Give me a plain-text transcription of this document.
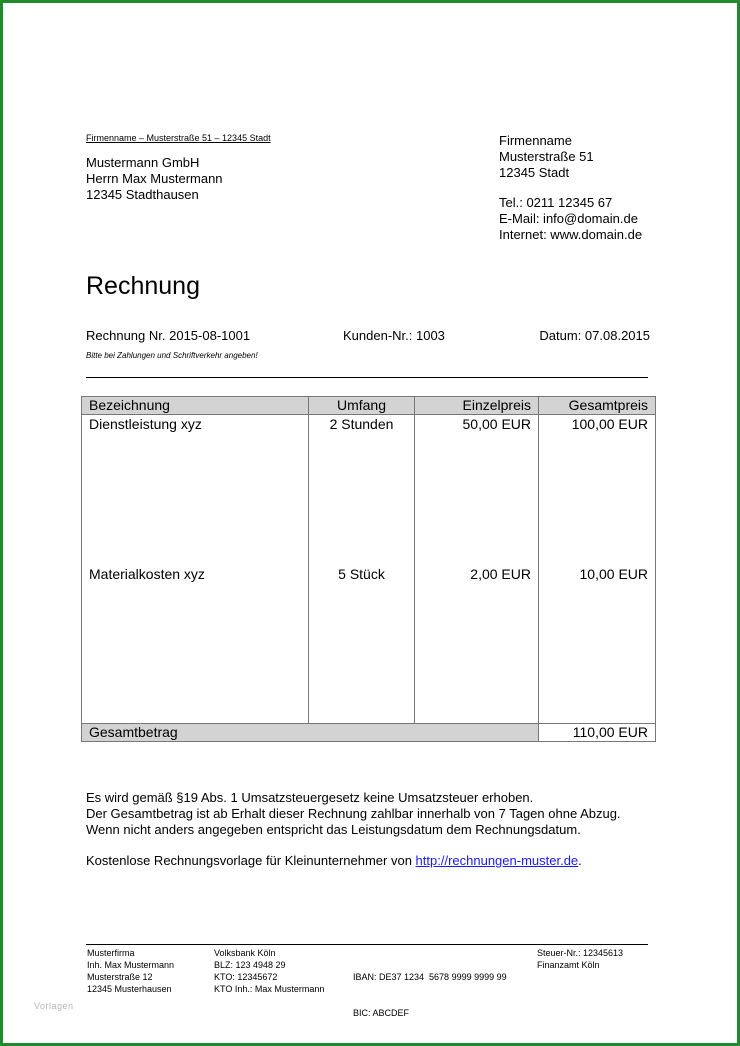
Firmenname – Musterstraße 51 – 12345 Stadt
Mustermann GmbH
Herrn Max Mustermann
12345 Stadthausen
Firmenname
Musterstraße 51
12345 Stadt
Tel.: 0211 12345 67
E-Mail: info@domain.de
Internet: www.domain.de
Rechnung
Rechnung Nr. 2015-08-1001	Kunden-Nr.: 1003	Datum: 07.08.2015
Bitte bei Zahlungen und Schriftverkehr angeben!
Bezeichnung	Umfang	Einzelpreis	Gesamtpreis
Dienstleistung xyz	2 Stunden	50,00 EUR	100,00 EUR
Materialkosten xyz	5 Stück	2,00 EUR	10,00 EUR

Gesamtbetrag			110,00 EUR
Es wird gemäß §19 Abs. 1 Umsatzsteuergesetz keine Umsatzsteuer erhoben.
Der Gesamtbetrag ist ab Erhalt dieser Rechnung zahlbar innerhalb von 7 Tagen ohne Abzug.
Wenn nicht anders angegeben entspricht das Leistungsdatum dem Rechnungsdatum.
Kostenlose Rechnungsvorlage für Kleinunternehmer von http://rechnungen-muster.de.
Musterfirma
Inh. Max Mustermann
Musterstraße 12
12345 Musterhausen
Volksbank Köln
BLZ: 123 4948 29
KTO: 12345672
KTO Inh.: Max Mustermann

IBAN: DE37 1234  5678 9999 9999 99

BIC: ABCDEF

Steuer-Nr.: 12345613
Finanzamt Köln
Vorlagen
